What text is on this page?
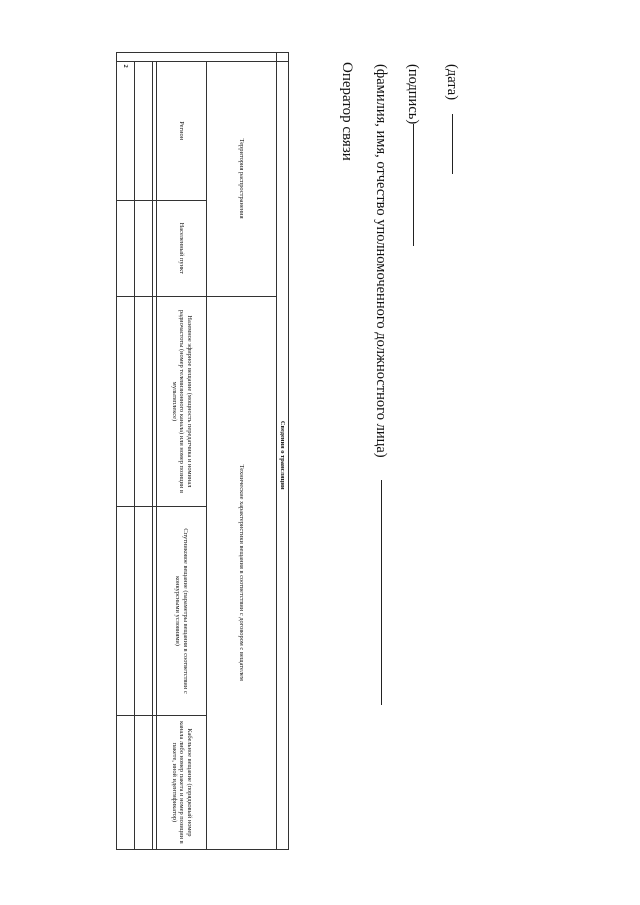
	Сведения о трансляции				
	Территория распространения		Технические характеристики вещания в соответствии с договором с вещателем		
	Регион	Населенный пункт	Наземное эфирное вещание (мощность передатчика и номинал радиочастоты (номер телевизионного канала) или номер позиции в мультиплексе)	Спутниковое вещание (параметры вещания в соответствии с конкурсными условиями)	Кабельное вещание (порядковый номер канала либо номер пакета и номер позиции в пакете, иной идентификатор)

	2					Оператор связи (фамилия, имя, отчество уполномоченного должностного лица) (подпись) (дата)
